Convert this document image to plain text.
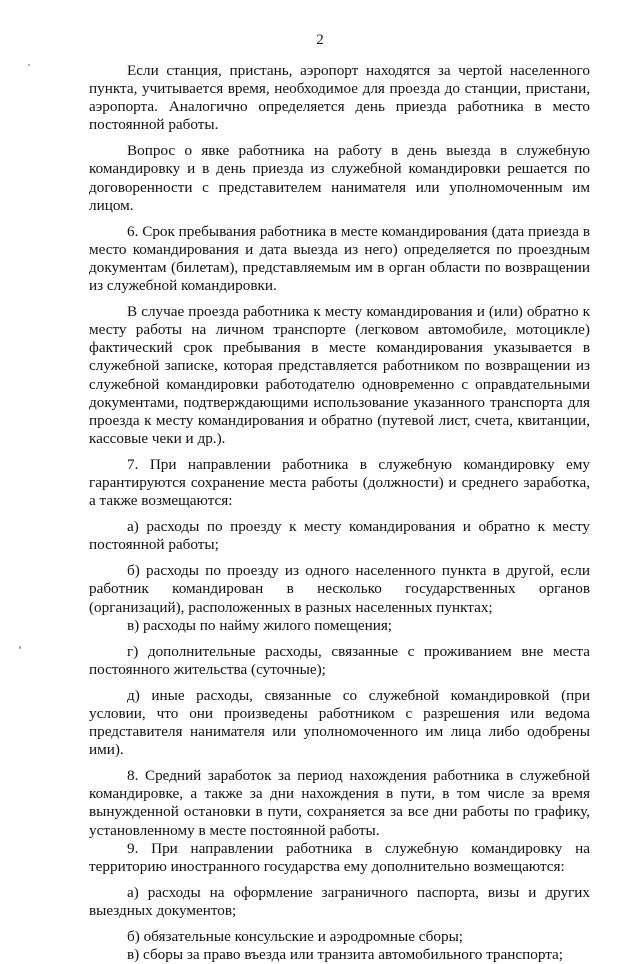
2

Если станция, пристань, аэропорт находятся за чертой населенного пункта, учитывается время, необходимое для проезда до станции, пристани, аэропорта. Аналогично определяется день приезда работника в место постоянной работы.

Вопрос о явке работника на работу в день выезда в служебную командировку и в день приезда из служебной командировки решается по договоренности с представителем нанимателя или уполномоченным им лицом.

6. Срок пребывания работника в месте командирования (дата приезда в место командирования и дата выезда из него) определяется по проездным документам (билетам), представляемым им в орган области по возвращении из служебной командировки.

В случае проезда работника к месту командирования и (или) обратно к месту работы на личном транспорте (легковом автомобиле, мотоцикле) фактический срок пребывания в месте командирования указывается в служебной записке, которая представляется работником по возвращении из служебной командировки работодателю одновременно с оправдательными документами, подтверждающими использование указанного транспорта для проезда к месту командирования и обратно (путевой лист, счета, квитанции, кассовые чеки и др.).

7. При направлении работника в служебную командировку ему гарантируются сохранение места работы (должности) и среднего заработка, а также возмещаются:

а) расходы по проезду к месту командирования и обратно к месту постоянной работы;

б) расходы по проезду из одного населенного пункта в другой, если работник командирован в несколько государственных органов (организаций), расположенных в разных населенных пунктах;

в) расходы по найму жилого помещения;

г) дополнительные расходы, связанные с проживанием вне места постоянного жительства (суточные);

д) иные расходы, связанные со служебной командировкой (при условии, что они произведены работником с разрешения или ведома представителя нанимателя или уполномоченного им лица либо одобрены ими).

8. Средний заработок за период нахождения работника в служебной командировке, а также за дни нахождения в пути, в том числе за время вынужденной остановки в пути, сохраняется за все дни работы по графику, установленному в месте постоянной работы.

9. При направлении работника в служебную командировку на территорию иностранного государства ему дополнительно возмещаются:

а) расходы на оформление заграничного паспорта, визы и других выездных документов;

б) обязательные консульские и аэродромные сборы;

в) сборы за право въезда или транзита автомобильного транспорта;
